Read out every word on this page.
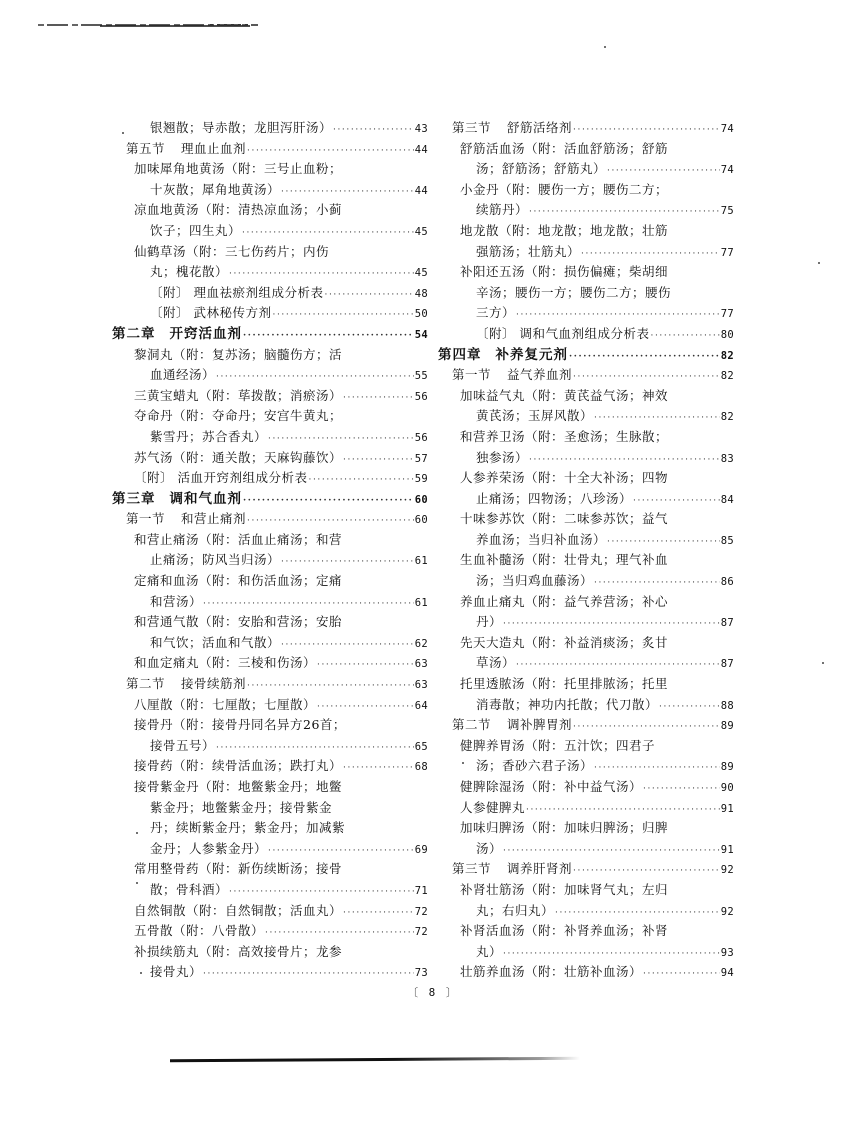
银翘散；导赤散；龙胆泻肝汤） ·····	43
第五节 理血止血剂 ·····	44
加味犀角地黄汤（附：三号止血粉；
十灰散；犀角地黄汤） ·····	44
凉血地黄汤（附：清热凉血汤；小蓟
饮子；四生丸） ·····	45
仙鹤草汤（附：三七伤药片；内伤
丸；槐花散） ·····	45
〔附〕 理血祛瘀剂组成分析表 ·····	48
〔附〕 武林秘传方剂 ·····	50
第二章 开窍活血剂 ·····	54
黎洞丸（附：复苏汤；脑髓伤方；活
血通经汤） ·····	55
三黄宝蜡丸（附：荜拨散；消瘀汤） ·····	56
夺命丹（附：夺命丹；安宫牛黄丸；
紫雪丹；苏合香丸） ·····	56
苏气汤（附：通关散；天麻钩藤饮） ·····	57
〔附〕 活血开窍剂组成分析表 ·····	59
第三章 调和气血剂 ·····	60
第一节 和营止痛剂 ·····	60
和营止痛汤（附：活血止痛汤；和营
止痛汤；防风当归汤） ·····	61
定痛和血汤（附：和伤活血汤；定痛
和营汤） ·····	61
和营通气散（附：安胎和营汤；安胎
和气饮；活血和气散） ·····	62
和血定痛丸（附：三棱和伤汤） ·····	63
第二节 接骨续筋剂 ·····	63
八厘散（附：七厘散；七厘散） ·····	64
接骨丹（附：接骨丹同名异方26首；
接骨五号） ·····	65
接骨药（附：续骨活血汤；跌打丸） ·····	68
接骨紫金丹（附：地鳖紫金丹；地鳖
紫金丹；地鳖紫金丹；接骨紫金
丹；续断紫金丹；紫金丹；加减紫
金丹；人参紫金丹） ·····	69
常用整骨药（附：新伤续断汤；接骨
散；骨科酒） ·····	71
自然铜散（附：自然铜散；活血丸） ·····	72
五骨散（附：八骨散） ·····	72
补损续筋丸（附：高效接骨片；龙参
接骨丸） ·····	73
第三节 舒筋活络剂 ·····	74
舒筋活血汤（附：活血舒筋汤；舒筋
汤；舒筋汤；舒筋丸） ·····	74
小金丹（附：腰伤一方；腰伤二方；
续筋丹） ·····	75
地龙散（附：地龙散；地龙散；壮筋
强筋汤；壮筋丸） ·····	77
补阳还五汤（附：损伤偏瘫；柴胡细
辛汤；腰伤一方；腰伤二方；腰伤
三方） ·····	77
〔附〕 调和气血剂组成分析表 ·····	80
第四章 补养复元剂 ·····	82
第一节 益气养血剂 ·····	82
加味益气丸（附：黄芪益气汤；神效
黄芪汤；玉屏风散） ·····	82
和营养卫汤（附：圣愈汤；生脉散；
独参汤） ·····	83
人参养荣汤（附：十全大补汤；四物
止痛汤；四物汤；八珍汤） ·····	84
十味参苏饮（附：二味参苏饮；益气
养血汤；当归补血汤） ·····	85
生血补髓汤（附：壮骨丸；理气补血
汤；当归鸡血藤汤） ·····	86
养血止痛丸（附：益气养营汤；补心
丹） ·····	87
先天大造丸（附：补益消痰汤；炙甘
草汤） ·····	87
托里透脓汤（附：托里排脓汤；托里
消毒散；神功内托散；代刀散） ·····	88
第二节 调补脾胃剂 ·····	89
健脾养胃汤（附：五汁饮；四君子
汤；香砂六君子汤） ·····	89
健脾除湿汤（附：补中益气汤） ·····	90
人参健脾丸 ·····	91
加味归脾汤（附：加味归脾汤；归脾
汤） ·····	91
第三节 调养肝肾剂 ·····	92
补肾壮筋汤（附：加味肾气丸；左归
丸；右归丸） ·····	92
补肾活血汤（附：补肾养血汤；补肾
丸） ·····	93
壮筋养血汤（附：壮筋补血汤） ·····	94
〔 8 〕
